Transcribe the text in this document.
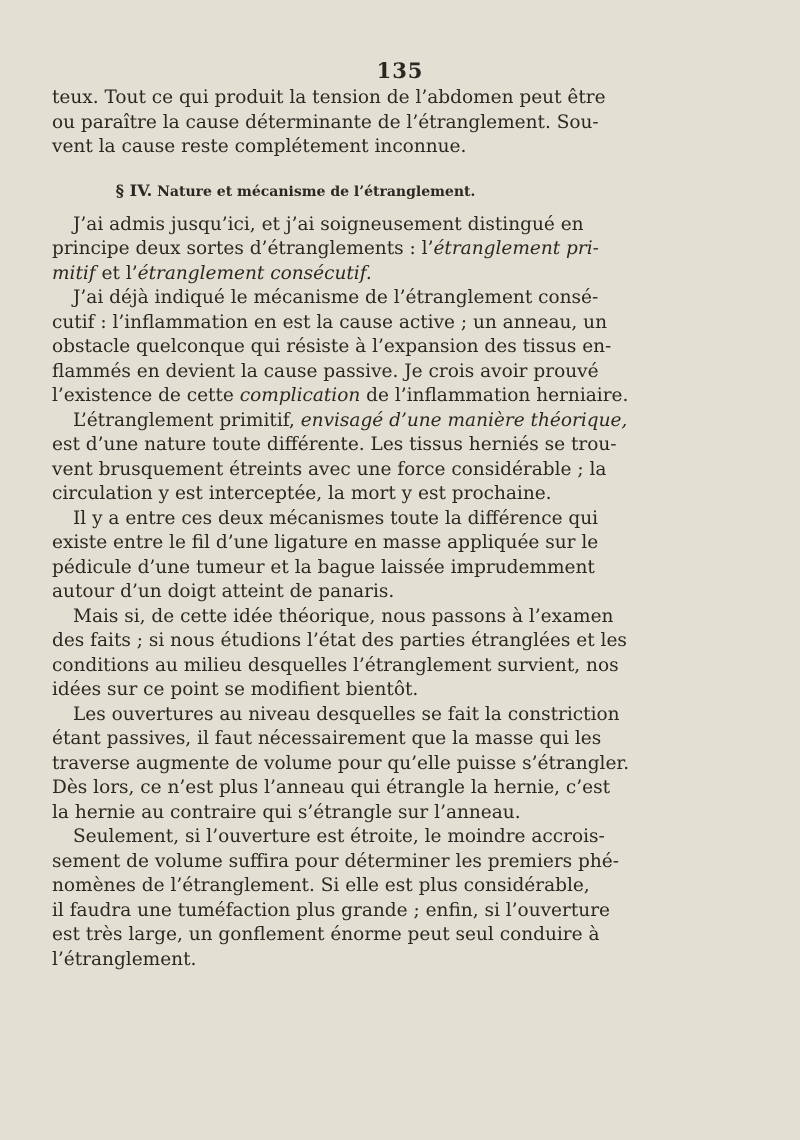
135
teux. Tout ce qui produit la tension de l’abdomen peut être
ou paraître la cause déterminante de l’étranglement. Sou-
vent la cause reste complétement inconnue.
§ IV. Nature et mécanisme de l’étranglement.
J’ai admis jusqu’ici, et j’ai soigneusement distingué en
principe deux sortes d’étranglements : l’étranglement pri-
mitif et l’étranglement consécutif.
J’ai déjà indiqué le mécanisme de l’étranglement consé-
cutif : l’inflammation en est la cause active ; un anneau, un
obstacle quelconque qui résiste à l’expansion des tissus en-
flammés en devient la cause passive. Je crois avoir prouvé
l’existence de cette complication de l’inflammation herniaire.
L’étranglement primitif, envisagé d’une manière théorique,
est d’une nature toute différente. Les tissus herniés se trou-
vent brusquement étreints avec une force considérable ; la
circulation y est interceptée, la mort y est prochaine.
Il y a entre ces deux mécanismes toute la différence qui
existe entre le fil d’une ligature en masse appliquée sur le
pédicule d’une tumeur et la bague laissée imprudemment
autour d’un doigt atteint de panaris.
Mais si, de cette idée théorique, nous passons à l’examen
des faits ; si nous étudions l’état des parties étranglées et les
conditions au milieu desquelles l’étranglement survient, nos
idées sur ce point se modifient bientôt.
Les ouvertures au niveau desquelles se fait la constriction
étant passives, il faut nécessairement que la masse qui les
traverse augmente de volume pour qu’elle puisse s’étrangler.
Dès lors, ce n’est plus l’anneau qui étrangle la hernie, c’est
la hernie au contraire qui s’étrangle sur l’anneau.
Seulement, si l’ouverture est étroite, le moindre accrois-
sement de volume suffira pour déterminer les premiers phé-
nomènes de l’étranglement. Si elle est plus considérable,
il faudra une tuméfaction plus grande ; enfin, si l’ouverture
est très large, un gonflement énorme peut seul conduire à
l’étranglement.
